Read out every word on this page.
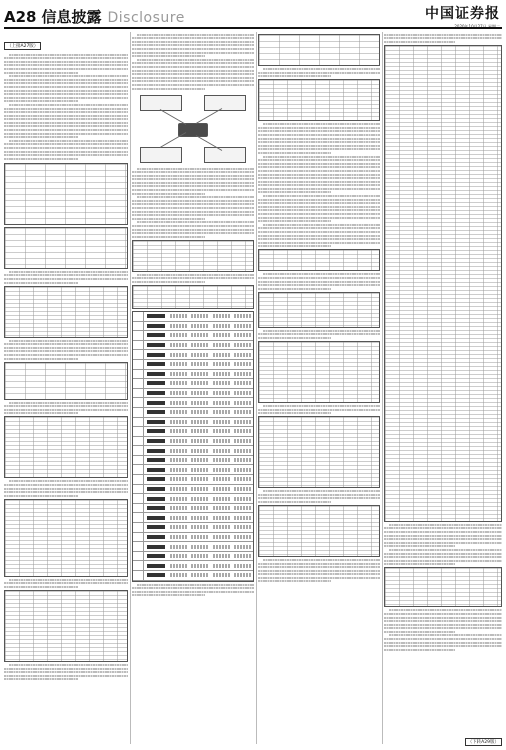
A28 信息披露 Disclosure	中国证券报
（上接A27版）
（下转A29版）
